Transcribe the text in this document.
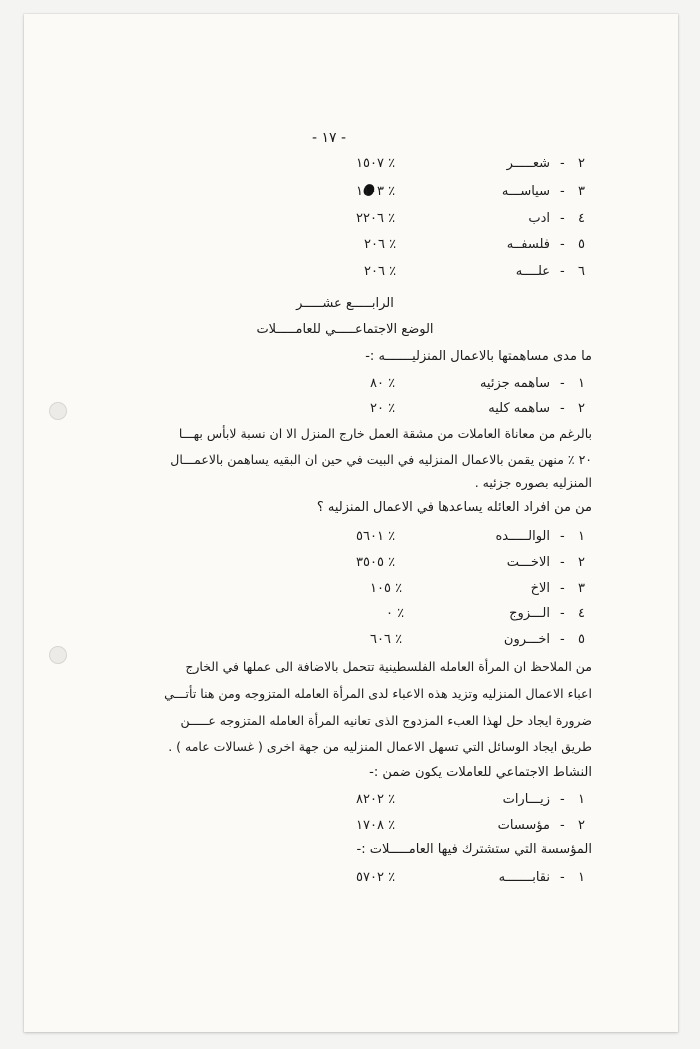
- ١٧ -
١٥٠٧ ٪	شعـــــر - ٢
١١٠٣ ٪	سياســـه - ٣
٢٢٠٦ ٪	ادب - ٤
٢٠٦ ٪	فلسفــه - ٥
٢٠٦ ٪	علــــه - ٦
الرابـــــع عشـــــر
الوضع الاجتماعـــــي للعامـــــلات
ما مدى مساهمتها بالاعمال المنزليـــــــه :-
٨٠ ٪	ساهمه جزئيه - ١
٢٠ ٪	ساهمه كليه - ٢
بالرغم من معاناة العاملات من مشقة العمل خارج المنزل الا ان نسبة لابأس بهـــا
٢٠ ٪ منهن يقمن بالاعمال المنزليه في البيت في حين ان البقيه يساهمن بالاعمـــال
المنزليه بصوره جزئيه .
من من افراد العائله يساعدها في الاعمال المنزليه ؟
٥٦٠١ ٪	الوالـــــده - ١
٣٥٠٥ ٪	الاخـــت - ٢
١٠٥ ٪	الاخ - ٣
٠ ٪	الـــزوج - ٤
٦٠٦ ٪	اخـــرون - ٥
من الملاحظ ان المرأة العامله الفلسطينية تتحمل بالاضافة الى عملها في الخارج
اعباء الاعمال المنزليه وتزيد هذه الاعباء لدى المرأة العامله المتزوجه ومن هنا تأتـــي
ضرورة ايجاد حل لهذا العبء المزدوج الذى تعانيه المرأة العامله المتزوجه عـــــن
طريق ايجاد الوسائل التي تسهل الاعمال المنزليه من جهة اخرى ( غسالات عامه ) .
النشاط الاجتماعي للعاملات يكون ضمن :-
٨٢٠٢ ٪	زيـــارات - ١
١٧٠٨ ٪	مؤسسات - ٢
المؤسسة التي ستشترك فيها العامـــــلات :-
٥٧٠٢ ٪	نقابـــــــه - ١
